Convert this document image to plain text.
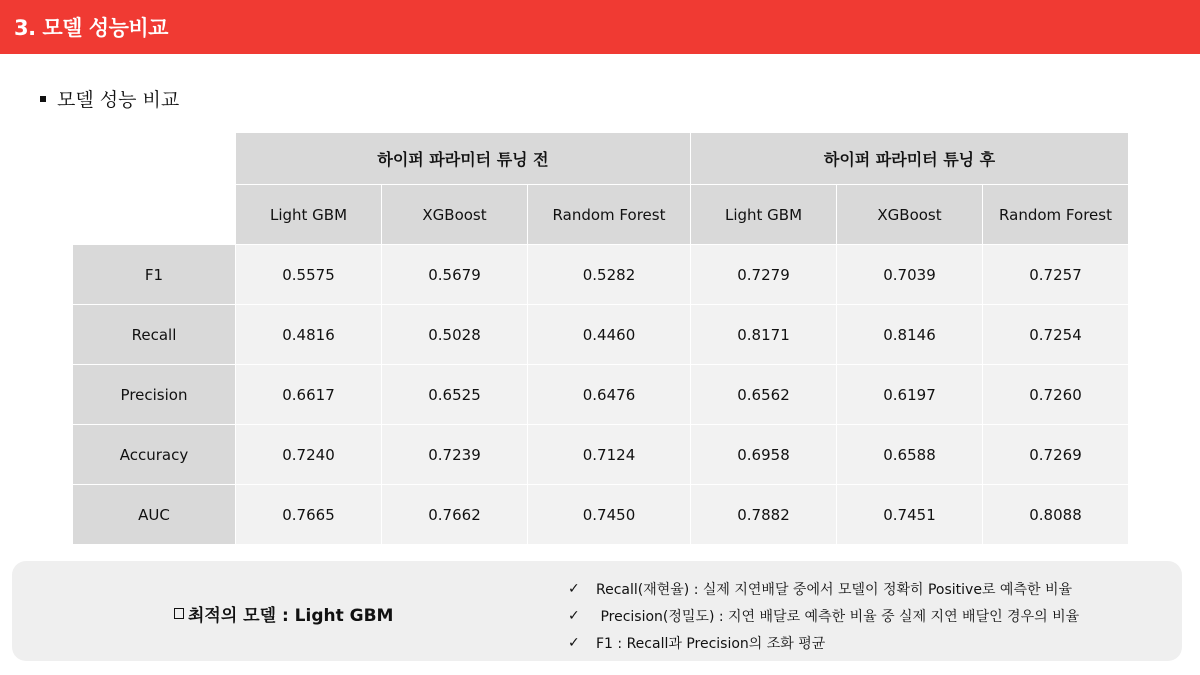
3. 모델 성능비교
모델 성능 비교
	하이퍼 파라미터 튜닝 전			하이퍼 파라미터 튜닝 후		
	Light GBM	XGBoost	Random Forest	Light GBM	XGBoost	Random Forest
F1	0.5575	0.5679	0.5282	0.7279	0.7039	0.7257
Recall	0.4816	0.5028	0.4460	0.8171	0.8146	0.7254
Precision	0.6617	0.6525	0.6476	0.6562	0.6197	0.7260
Accuracy	0.7240	0.7239	0.7124	0.6958	0.6588	0.7269
AUC	0.7665	0.7662	0.7450	0.7882	0.7451	0.8088
최적의 모델 : Light GBM
✓	Recall(재현율) : 실제 지연배달 중에서 모델이 정확히 Positive로 예측한 비율
✓	Precision(정밀도) : 지연 배달로 예측한 비율 중 실제 지연 배달인 경우의 비율
✓	F1 : Recall과 Precision의 조화 평균
